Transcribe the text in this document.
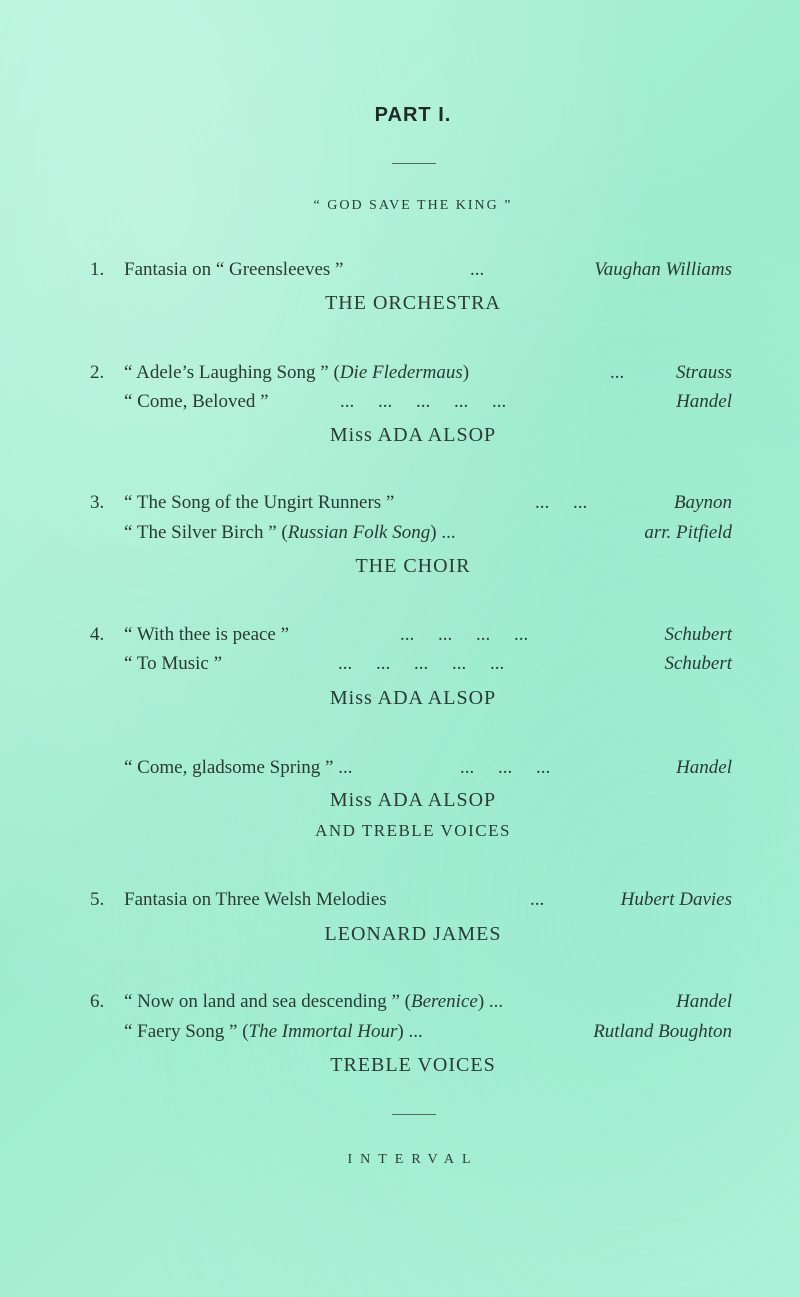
PART I.
“ GOD SAVE THE KING ”
1.	Fantasia on “ Greensleeves ”	...	Vaughan Williams
THE ORCHESTRA
2.	“ Adele’s Laughing Song ” (Die Fledermaus)	...	Strauss
“ Come, Beloved ”	...     ...     ...     ...     ...	Handel
Miss ADA ALSOP
3.	“ The Song of the Ungirt Runners ”	...     ...	Baynon
“ The Silver Birch ” (Russian Folk Song) ...	arr. Pitfield
THE CHOIR
4.	“ With thee is peace ”	...     ...     ...     ...	Schubert
“ To Music ”	...     ...     ...     ...     ...	Schubert
Miss ADA ALSOP
“ Come, gladsome Spring ” ...	...     ...     ...	Handel
Miss ADA ALSOP
AND TREBLE VOICES
5.	Fantasia on Three Welsh Melodies	...	Hubert Davies
LEONARD JAMES
6.	“ Now on land and sea descending ” (Berenice) ...	Handel
“ Faery Song ” (The Immortal Hour) ...	Rutland Boughton
TREBLE VOICES
INTERVAL
